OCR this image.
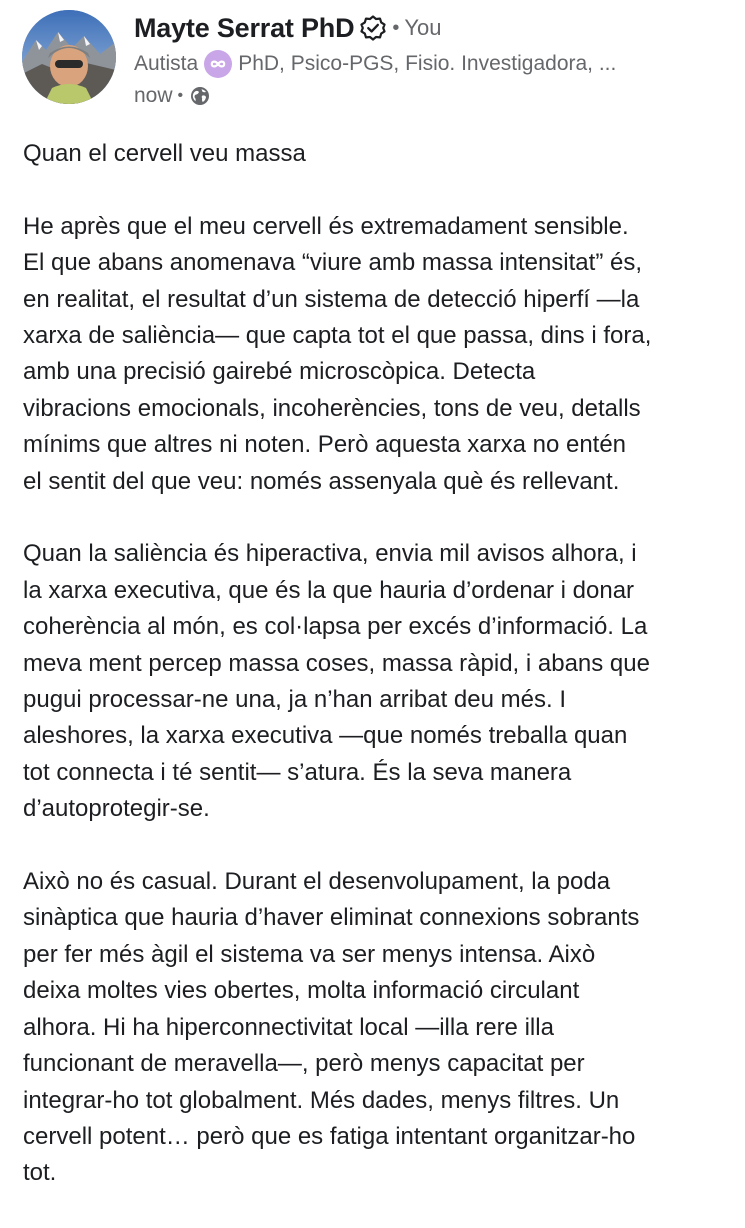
Mayte Serrat PhD • You
Autista PhD, Psico-PGS, Fisio. Investigadora, ...
now •

Quan el cervell veu massa

He après que el meu cervell és extremadament sensible.
El que abans anomenava “viure amb massa intensitat” és,
en realitat, el resultat d’un sistema de detecció hiperfí —la
xarxa de saliència— que capta tot el que passa, dins i fora,
amb una precisió gairebé microscòpica. Detecta
vibracions emocionals, incoherències, tons de veu, detalls
mínims que altres ni noten. Però aquesta xarxa no entén
el sentit del que veu: només assenyala què és rellevant.

Quan la saliència és hiperactiva, envia mil avisos alhora, i
la xarxa executiva, que és la que hauria d’ordenar i donar
coherència al món, es col·lapsa per excés d’informació. La
meva ment percep massa coses, massa ràpid, i abans que
pugui processar-ne una, ja n’han arribat deu més. I
aleshores, la xarxa executiva —que només treballa quan
tot connecta i té sentit— s’atura. És la seva manera
d’autoprotegir-se.

Això no és casual. Durant el desenvolupament, la poda
sinàptica que hauria d’haver eliminat connexions sobrants
per fer més àgil el sistema va ser menys intensa. Això
deixa moltes vies obertes, molta informació circulant
alhora. Hi ha hiperconnectivitat local —illa rere illa
funcionant de meravella—, però menys capacitat per
integrar-ho tot globalment. Més dades, menys filtres. Un
cervell potent… però que es fatiga intentant organitzar-ho
tot.
